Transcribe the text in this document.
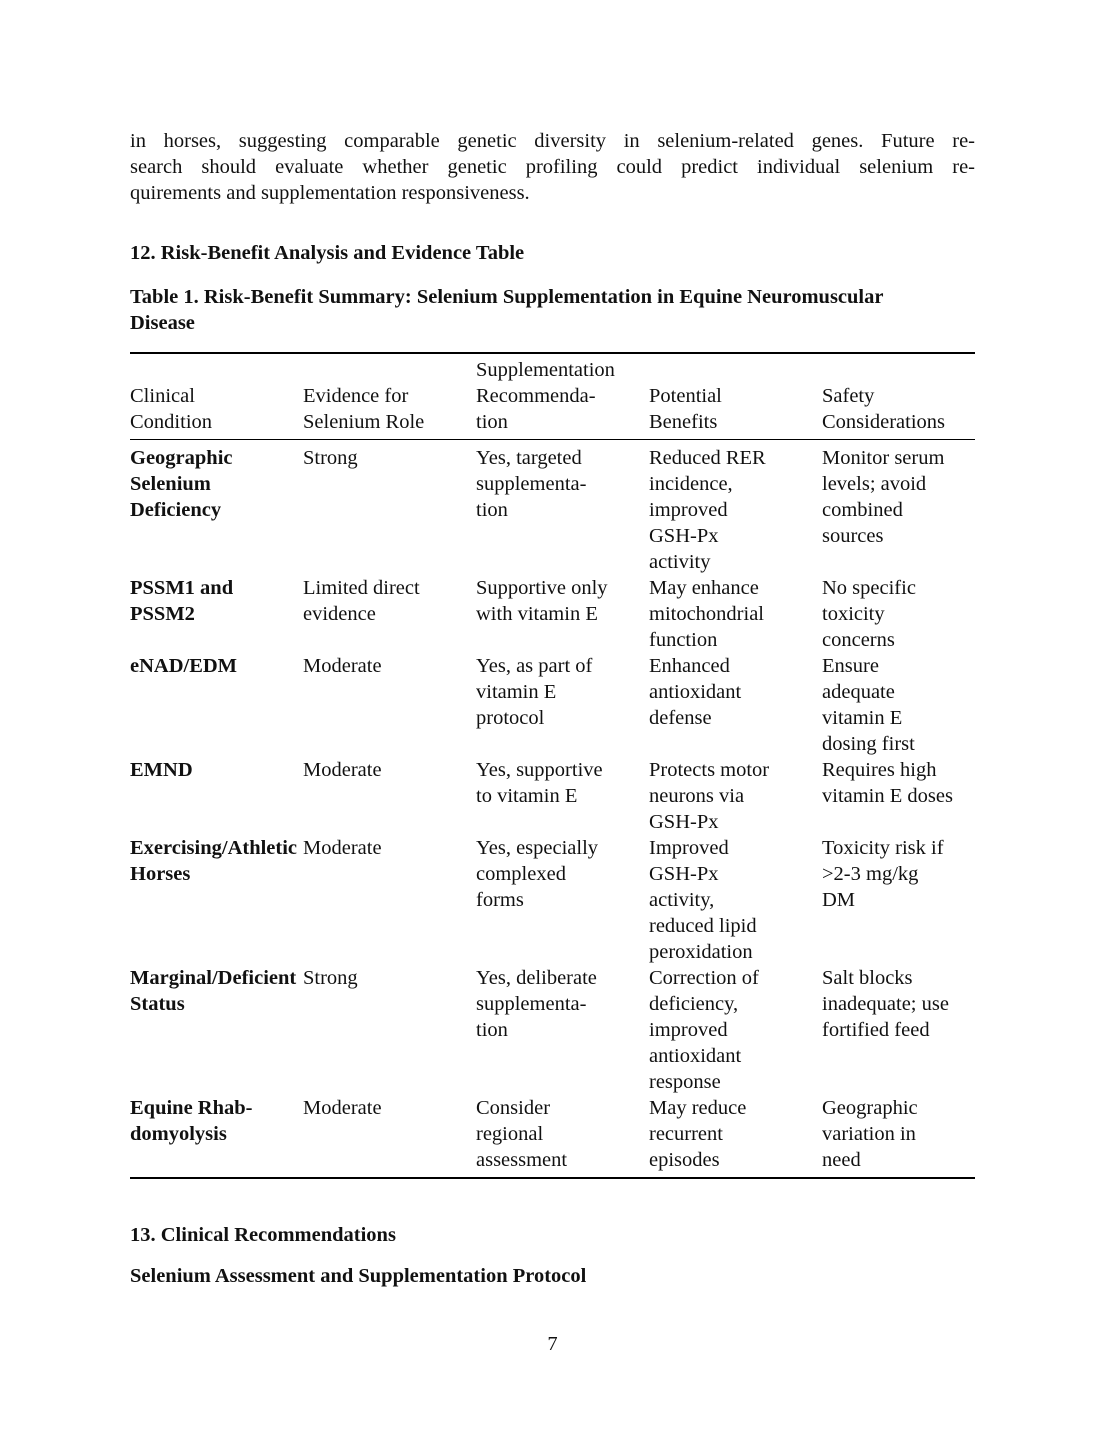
in horses, suggesting comparable genetic diversity in selenium-related genes. Future re-
search should evaluate whether genetic profiling could predict individual selenium re-
quirements and supplementation responsiveness.

12. Risk-Benefit Analysis and Evidence Table

Table 1. Risk-Benefit Summary: Selenium Supplementation in Equine Neuromuscular
Disease

Clinical
Condition	Evidence for
Selenium Role	Supplementation
Recommenda-
tion	Potential
Benefits	Safety
Considerations

Geographic
Selenium
Deficiency	Strong	Yes, targeted
supplementa-
tion	Reduced RER
incidence,
improved
GSH-Px
activity	Monitor serum
levels; avoid
combined
sources

PSSM1 and
PSSM2	Limited direct
evidence	Supportive only
with vitamin E	May enhance
mitochondrial
function	No specific
toxicity
concerns

eNAD/EDM	Moderate	Yes, as part of
vitamin E
protocol	Enhanced
antioxidant
defense	Ensure
adequate
vitamin E
dosing first

EMND	Moderate	Yes, supportive
to vitamin E	Protects motor
neurons via
GSH-Px	Requires high
vitamin E doses

Exercising/Athletic
Horses	Moderate	Yes, especially
complexed
forms	Improved
GSH-Px
activity,
reduced lipid
peroxidation	Toxicity risk if
>2-3 mg/kg
DM

Marginal/Deficient
Status	Strong	Yes, deliberate
supplementa-
tion	Correction of
deficiency,
improved
antioxidant
response	Salt blocks
inadequate; use
fortified feed

Equine Rhab-
domyolysis	Moderate	Consider
regional
assessment	May reduce
recurrent
episodes	Geographic
variation in
need
13. Clinical Recommendations
Selenium Assessment and Supplementation Protocol

7
